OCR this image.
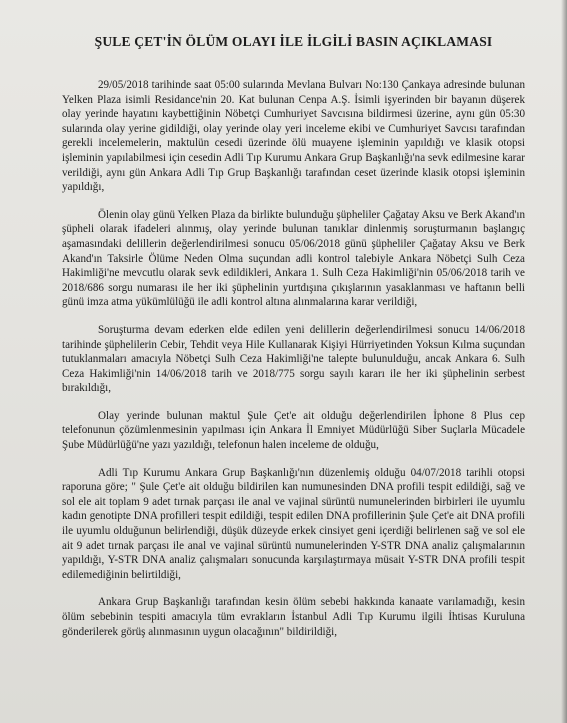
ŞULE ÇET'İN ÖLÜM OLAYI İLE İLGİLİ BASIN AÇIKLAMASI

29/05/2018 tarihinde saat 05:00 sularında Mevlana Bulvarı No:130 Çankaya adresinde bulunan Yelken Plaza isimli Residance'nin 20. Kat bulunan Cenpa A.Ş. İsimli işyerinden bir bayanın düşerek olay yerinde hayatını kaybettiğinin Nöbetçi Cumhuriyet Savcısına bildirmesi üzerine, aynı gün 05:30 sularında olay yerine gidildiği, olay yerinde olay yeri inceleme ekibi ve Cumhuriyet Savcısı tarafından gerekli incelemelerin, maktulün cesedi üzerinde ölü muayene işleminin yapıldığı ve klasik otopsi işleminin yapılabilmesi için cesedin Adli Tıp Kurumu Ankara Grup Başkanlığı'na sevk edilmesine karar verildiği, aynı gün Ankara Adli Tıp Grup Başkanlığı tarafından ceset üzerinde klasik otopsi işleminin yapıldığı,

Ölenin olay günü Yelken Plaza da birlikte bulunduğu şüpheliler Çağatay Aksu ve Berk Akand'ın şüpheli olarak ifadeleri alınmış, olay yerinde bulunan tanıklar dinlenmiş soruşturmanın başlangıç aşamasındaki delillerin değerlendirilmesi sonucu 05/06/2018 günü şüpheliler Çağatay Aksu ve Berk Akand'ın Taksirle Ölüme Neden Olma suçundan adli kontrol talebiyle Ankara Nöbetçi Sulh Ceza Hakimliği'ne mevcutlu olarak sevk edildikleri, Ankara 1. Sulh Ceza Hakimliği'nin 05/06/2018 tarih ve 2018/686 sorgu numarası ile her iki şüphelinin yurtdışına çıkışlarının yasaklanması ve haftanın belli günü imza atma yükümlülüğü ile adli kontrol altına alınmalarına karar verildiği,

Soruşturma devam ederken elde edilen yeni delillerin değerlendirilmesi sonucu 14/06/2018 tarihinde şüphelilerin Cebir, Tehdit veya Hile Kullanarak Kişiyi Hürriyetinden Yoksun Kılma suçundan tutuklanmaları amacıyla Nöbetçi Sulh Ceza Hakimliği'ne talepte bulunulduğu, ancak Ankara 6. Sulh Ceza Hakimliği'nin 14/06/2018 tarih ve 2018/775 sorgu sayılı kararı ile her iki şüphelinin serbest bırakıldığı,

Olay yerinde bulunan maktul Şule Çet'e ait olduğu değerlendirilen İphone 8 Plus cep telefonunun çözümlenmesinin yapılması için Ankara İl Emniyet Müdürlüğü Siber Suçlarla Mücadele Şube Müdürlüğü'ne yazı yazıldığı, telefonun halen inceleme de olduğu,

Adli Tıp Kurumu Ankara Grup Başkanlığı'nın düzenlemiş olduğu 04/07/2018 tarihli otopsi raporuna göre; " Şule Çet'e ait olduğu bildirilen kan numunesinden DNA profili tespit edildiği, sağ ve sol ele ait toplam 9 adet tırnak parçası ile anal ve vajinal sürüntü numunelerinden birbirleri ile uyumlu kadın genotipte DNA profilleri tespit edildiği, tespit edilen DNA profillerinin Şule Çet'e ait DNA profili ile uyumlu olduğunun belirlendiği, düşük düzeyde erkek cinsiyet geni içerdiği belirlenen sağ ve sol ele ait 9 adet tırnak parçası ile anal ve vajinal sürüntü numunelerinden Y-STR DNA analiz çalışmalarının yapıldığı, Y-STR DNA analiz çalışmaları sonucunda karşılaştırmaya müsait Y-STR DNA profili tespit edilemediğinin belirtildiği,

Ankara Grup Başkanlığı tarafından kesin ölüm sebebi hakkında kanaate varılamadığı, kesin ölüm sebebinin tespiti amacıyla tüm evrakların İstanbul Adli Tıp Kurumu ilgili İhtisas Kuruluna gönderilerek görüş alınmasının uygun olacağının" bildirildiği,
